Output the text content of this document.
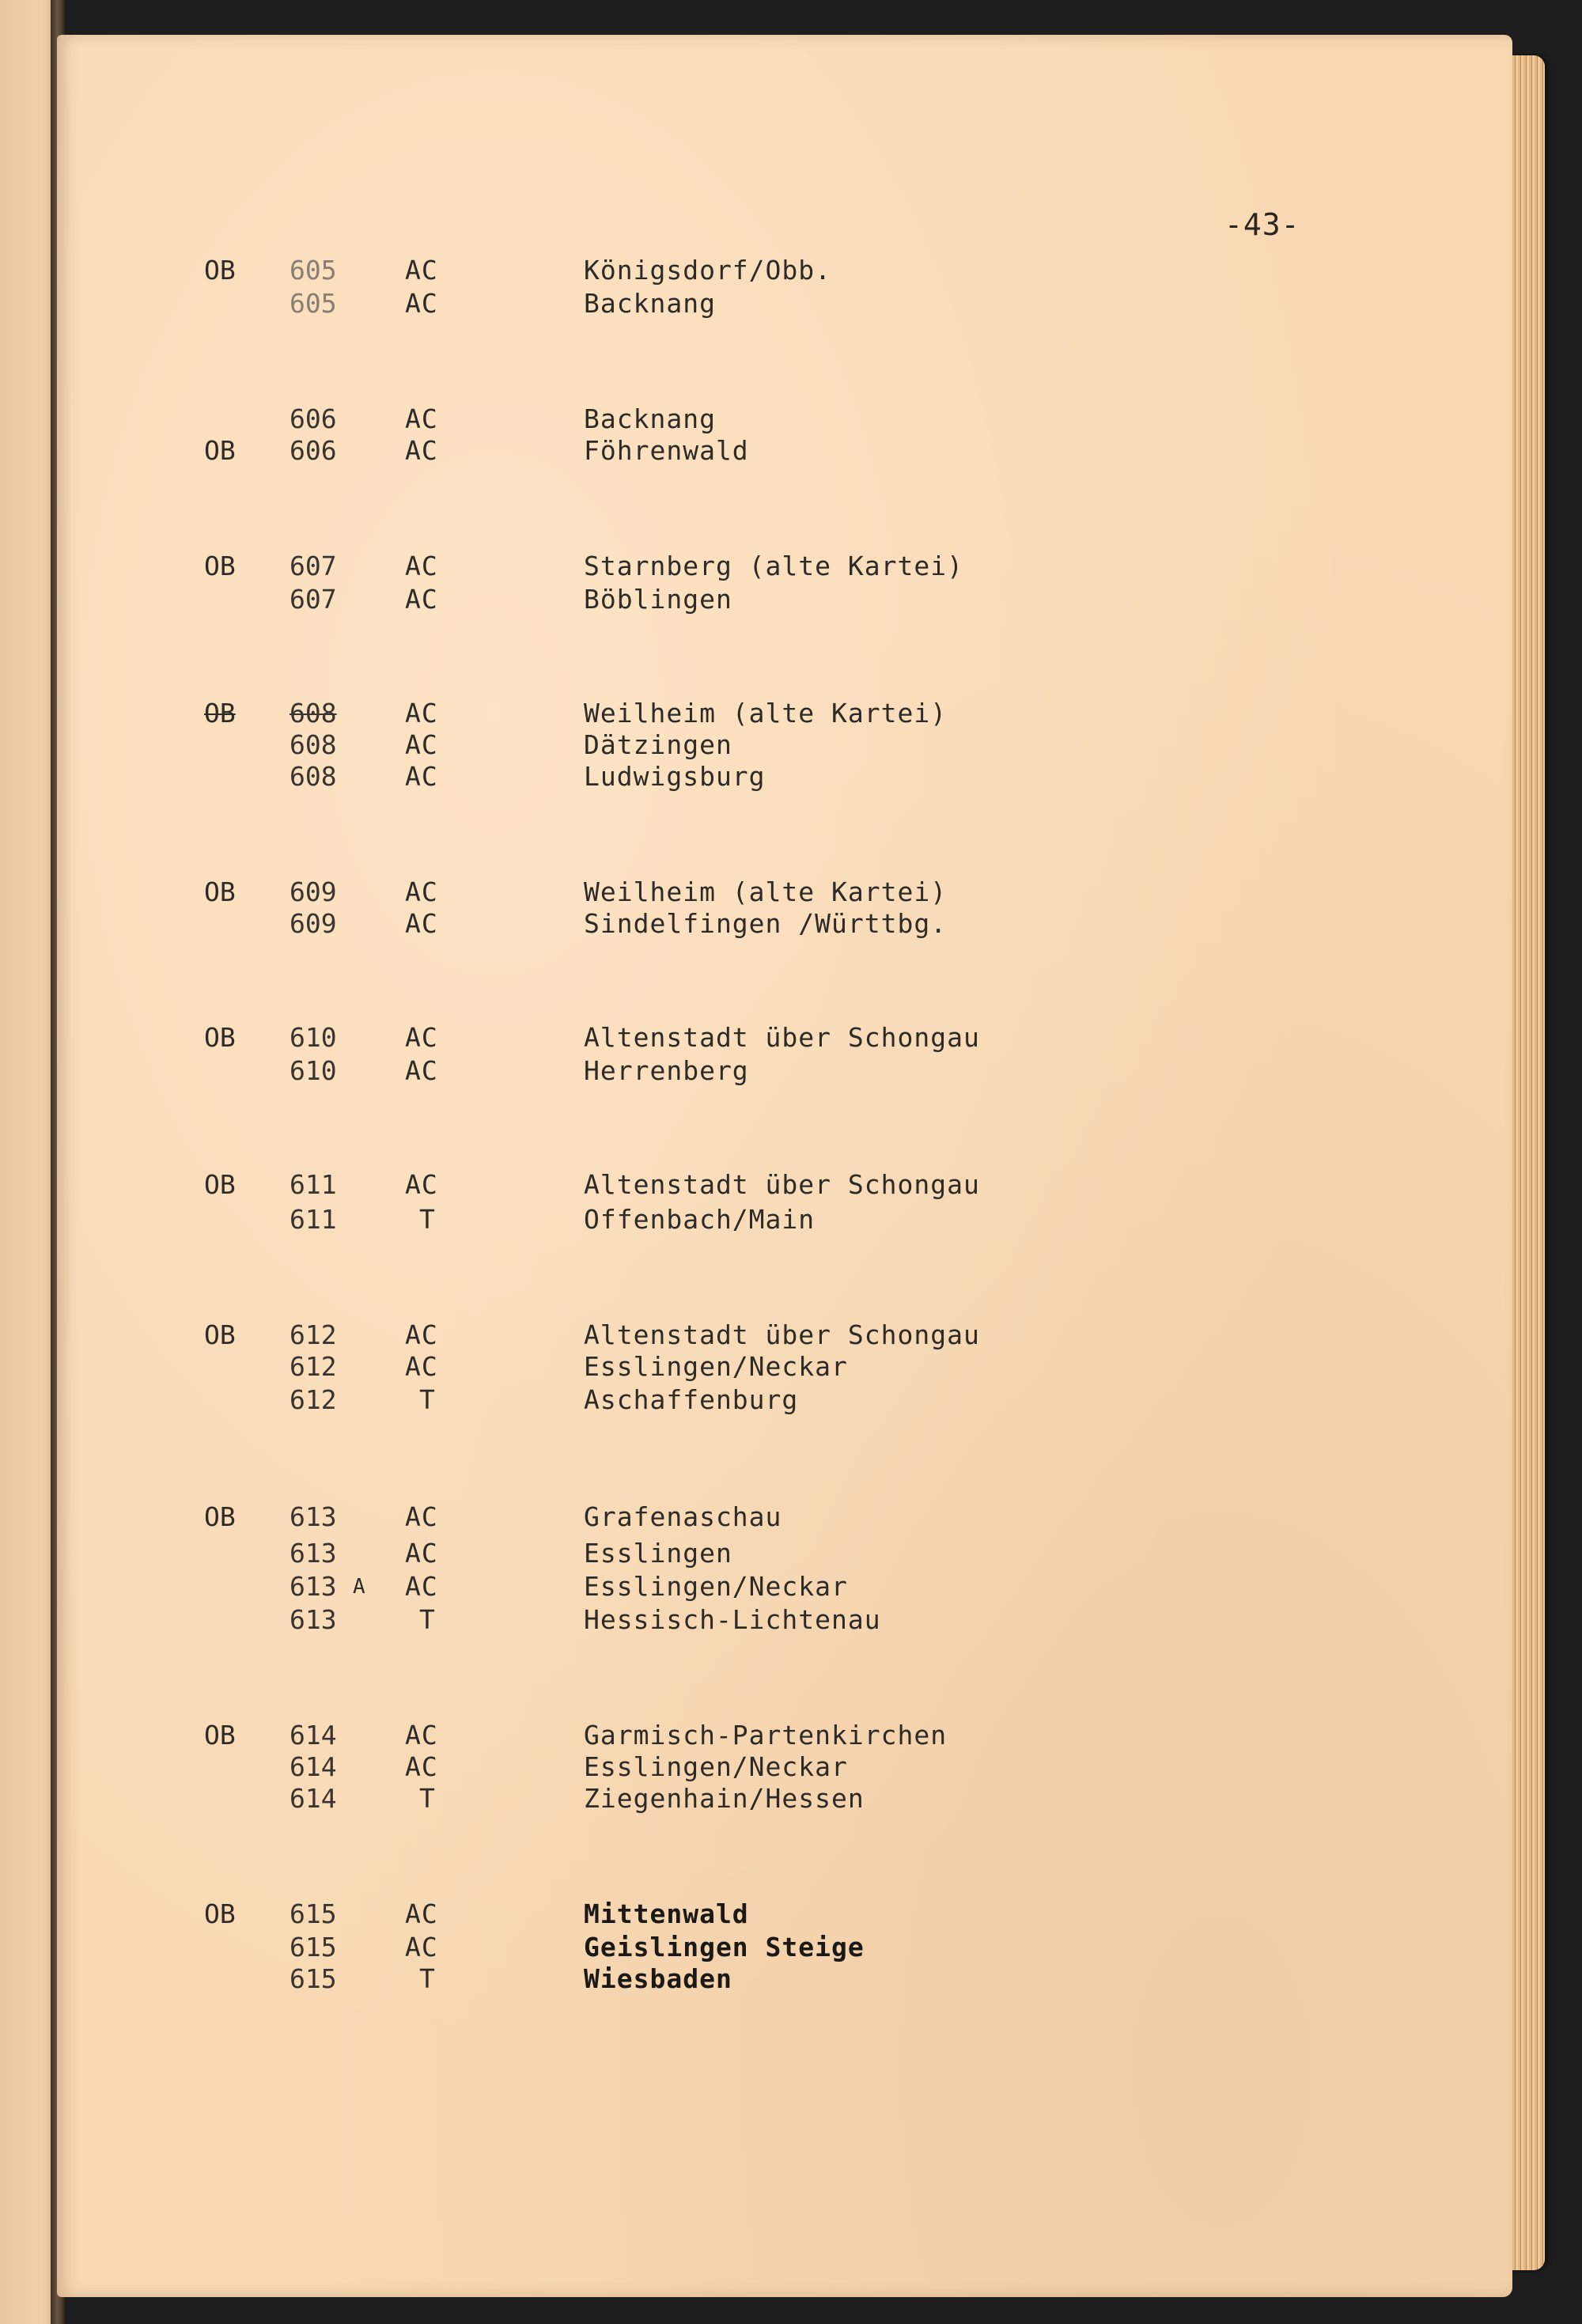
-43-
OB 605	AC	Königsdorf/Obb.
605	AC	Backnang
606	AC	Backnang
OB 606	AC	Föhrenwald
OB 607	AC	Starnberg (alte Kartei)
607	AC	Böblingen
OB 608	AC	Weilheim (alte Kartei)
608	AC	Dätzingen
608	AC	Ludwigsburg
OB 609	AC	Weilheim (alte Kartei)
609	AC	Sindelfingen /Württbg.
OB 610	AC	Altenstadt über Schongau
610	AC	Herrenberg
OB 611	AC	Altenstadt über Schongau
611	T	Offenbach/Main
OB 612	AC	Altenstadt über Schongau
612	AC	Esslingen/Neckar
612	T	Aschaffenburg
OB 613	AC	Grafenaschau
613	AC	Esslingen
613 A AC	Esslingen/Neckar
613	T	Hessisch-Lichtenau
OB 614	AC	Garmisch-Partenkirchen
614	AC	Esslingen/Neckar
614	T	Ziegenhain/Hessen
OB 615	AC	Mittenwald
615	AC	Geislingen Steige
615	T	Wiesbaden
